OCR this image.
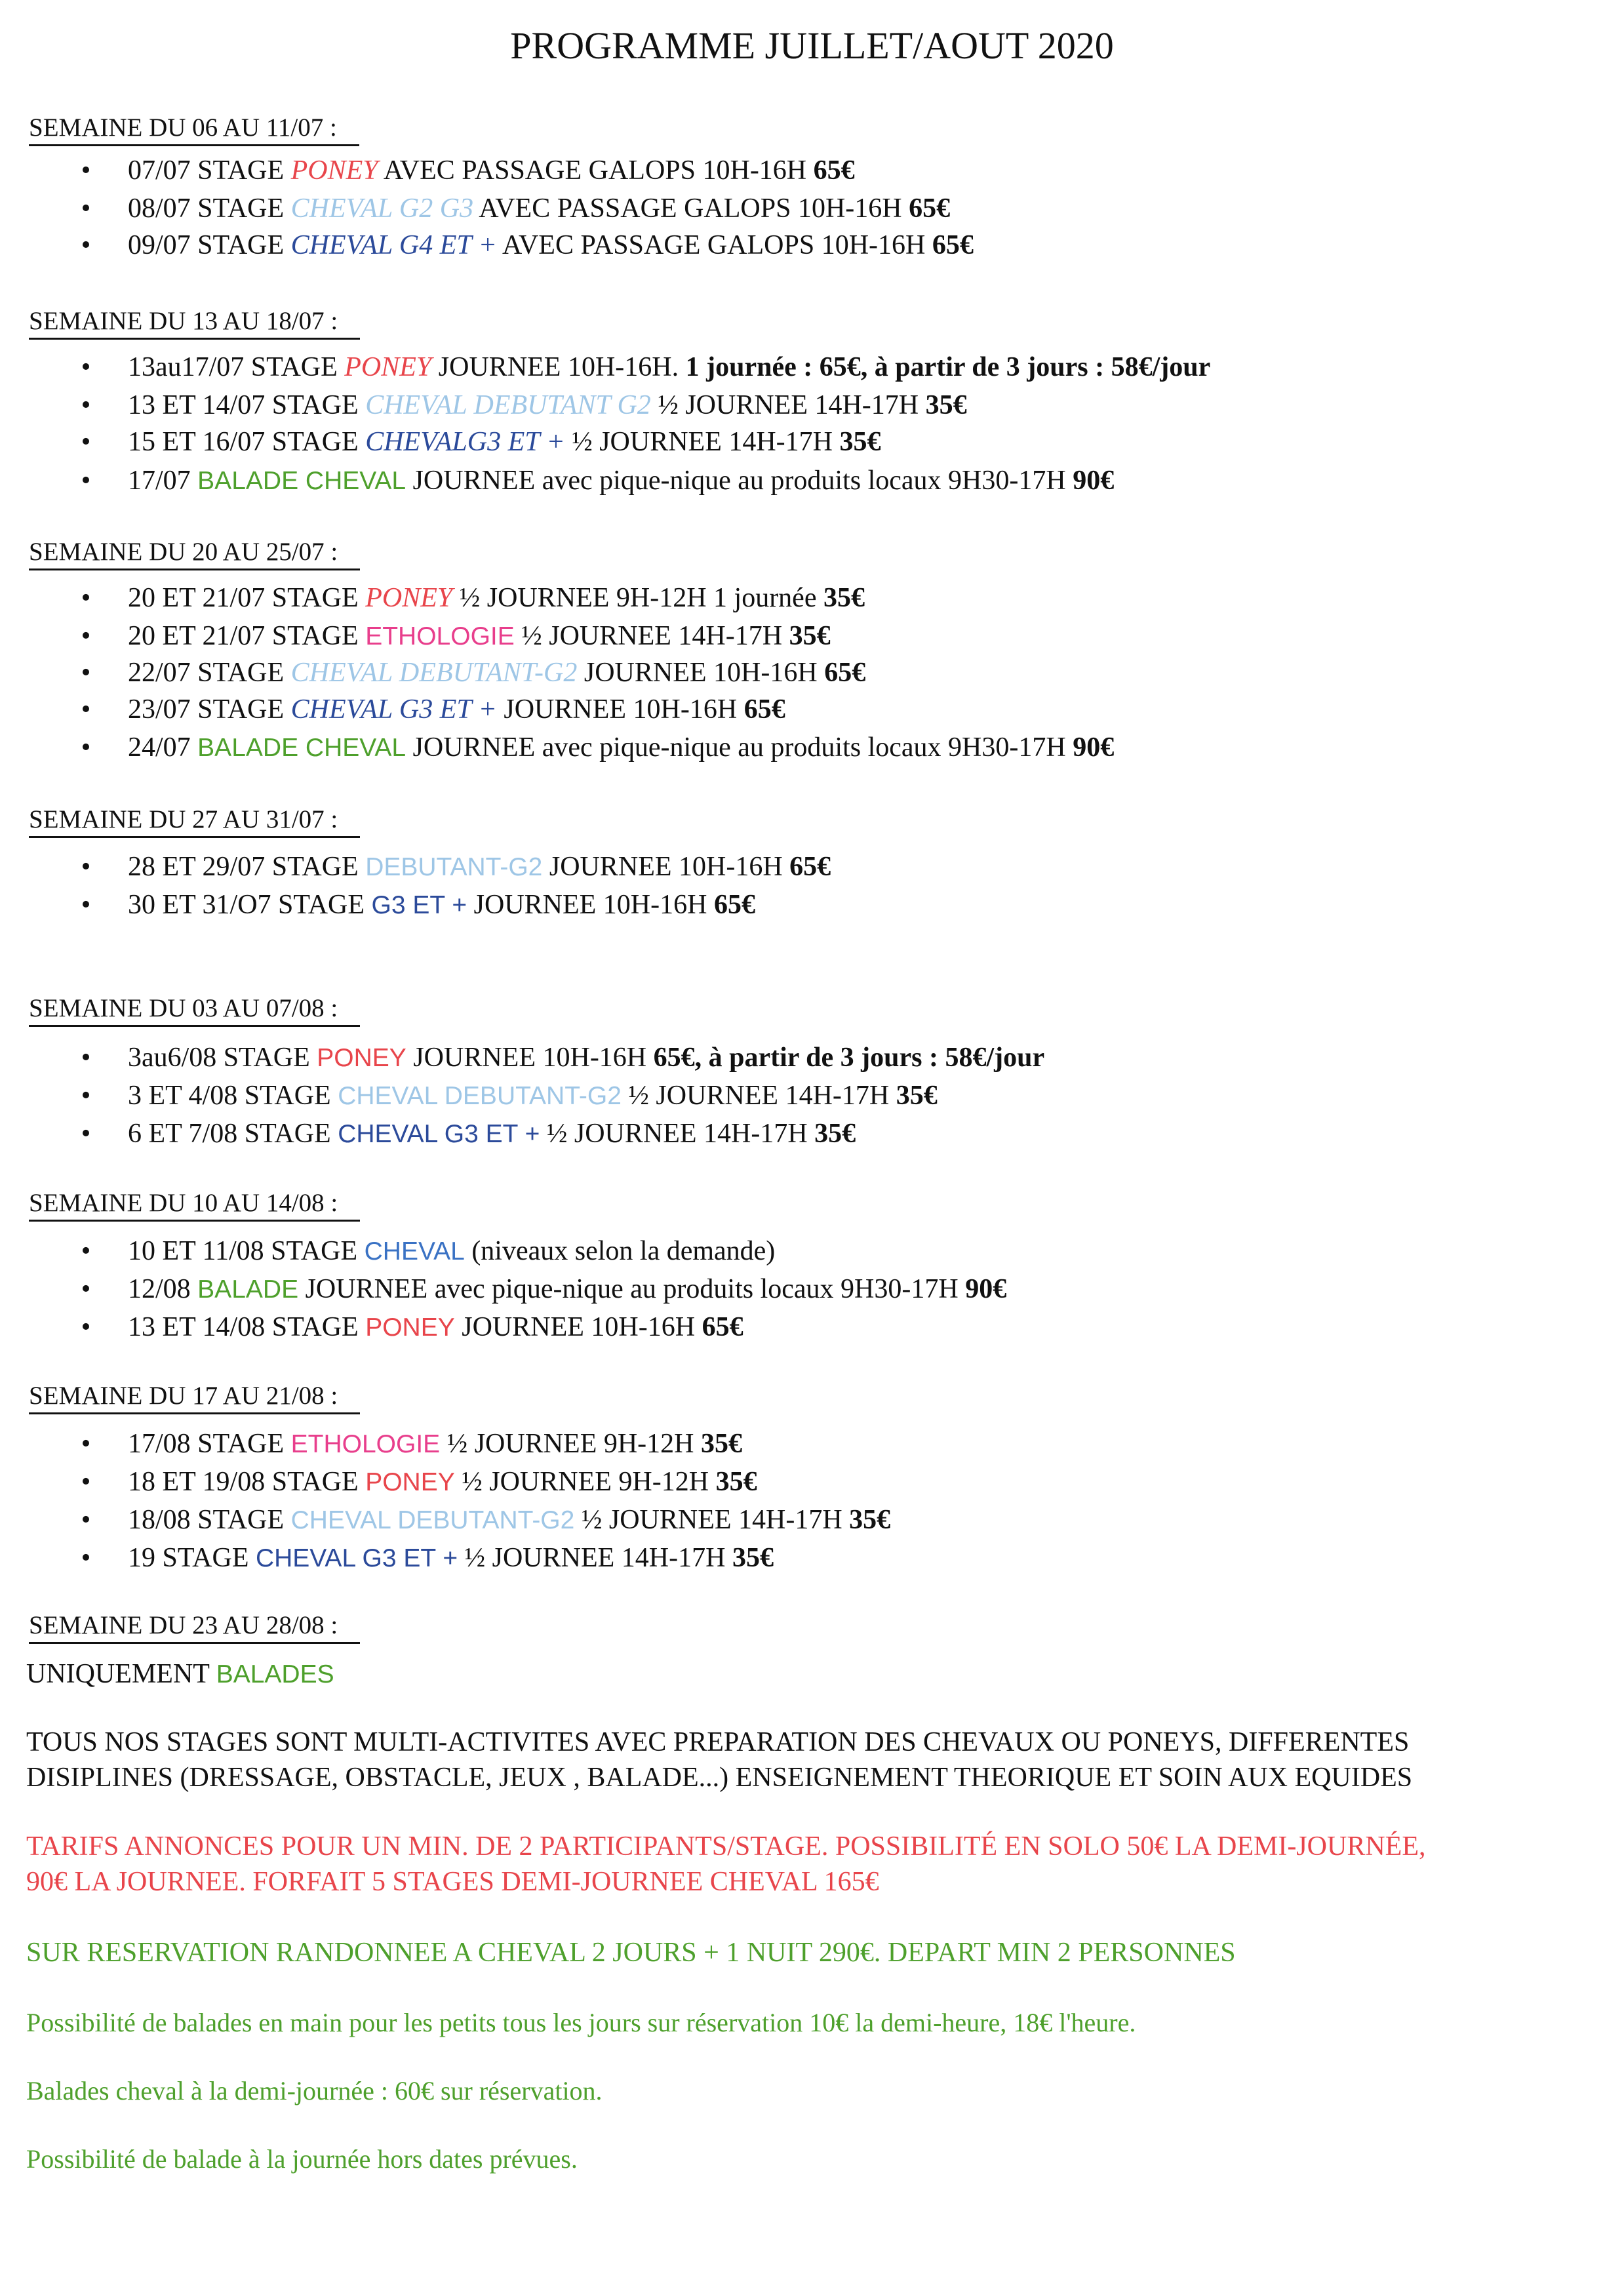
PROGRAMME JUILLET/AOUT 2020
SEMAINE DU 06 AU 11/07 :
• 07/07 STAGE PONEY AVEC PASSAGE GALOPS 10H-16H 65€
• 08/07 STAGE CHEVAL G2 G3 AVEC PASSAGE GALOPS 10H-16H 65€
• 09/07 STAGE CHEVAL G4 ET + AVEC PASSAGE GALOPS 10H-16H 65€
SEMAINE DU 13 AU 18/07 :
• 13au17/07 STAGE PONEY JOURNEE 10H-16H. 1 journée : 65€, à partir de 3 jours : 58€/jour
• 13 ET 14/07 STAGE CHEVAL DEBUTANT G2 ½ JOURNEE 14H-17H 35€
• 15 ET 16/07 STAGE CHEVALG3 ET + ½ JOURNEE 14H-17H 35€
• 17/07 BALADE CHEVAL JOURNEE avec pique-nique au produits locaux 9H30-17H 90€
SEMAINE DU 20 AU 25/07 :
• 20 ET 21/07 STAGE PONEY ½ JOURNEE 9H-12H 1 journée 35€
• 20 ET 21/07 STAGE ETHOLOGIE ½ JOURNEE 14H-17H 35€
• 22/07 STAGE CHEVAL DEBUTANT-G2 JOURNEE 10H-16H 65€
• 23/07 STAGE CHEVAL G3 ET + JOURNEE 10H-16H 65€
• 24/07 BALADE CHEVAL JOURNEE avec pique-nique au produits locaux 9H30-17H 90€
SEMAINE DU 27 AU 31/07 :
• 28 ET 29/07 STAGE DEBUTANT-G2 JOURNEE 10H-16H 65€
• 30 ET 31/O7 STAGE G3 ET + JOURNEE 10H-16H 65€
SEMAINE DU 03 AU 07/08 :
• 3au6/08 STAGE PONEY JOURNEE 10H-16H 65€, à partir de 3 jours : 58€/jour
• 3 ET 4/08 STAGE CHEVAL DEBUTANT-G2 ½ JOURNEE 14H-17H 35€
• 6 ET 7/08 STAGE CHEVAL G3 ET + ½ JOURNEE 14H-17H 35€
SEMAINE DU 10 AU 14/08 :
• 10 ET 11/08 STAGE CHEVAL (niveaux selon la demande)
• 12/08 BALADE JOURNEE avec pique-nique au produits locaux 9H30-17H 90€
• 13 ET 14/08 STAGE PONEY JOURNEE 10H-16H 65€
SEMAINE DU 17 AU 21/08 :
• 17/08 STAGE ETHOLOGIE ½ JOURNEE 9H-12H 35€
• 18 ET 19/08 STAGE PONEY ½ JOURNEE 9H-12H 35€
• 18/08 STAGE CHEVAL DEBUTANT-G2 ½ JOURNEE 14H-17H 35€
• 19 STAGE CHEVAL G3 ET + ½ JOURNEE 14H-17H 35€
SEMAINE DU 23 AU 28/08 :
UNIQUEMENT BALADES
TOUS NOS STAGES SONT MULTI-ACTIVITES AVEC PREPARATION DES CHEVAUX OU PONEYS, DIFFERENTES
DISIPLINES (DRESSAGE, OBSTACLE, JEUX , BALADE...) ENSEIGNEMENT THEORIQUE ET SOIN AUX EQUIDES
TARIFS ANNONCES POUR UN MIN. DE 2 PARTICIPANTS/STAGE. POSSIBILITÉ EN SOLO 50€ LA DEMI-JOURNÉE,
90€ LA JOURNEE. FORFAIT 5 STAGES DEMI-JOURNEE CHEVAL 165€
SUR RESERVATION RANDONNEE A CHEVAL 2 JOURS + 1 NUIT 290€. DEPART MIN 2 PERSONNES
Possibilité de balades en main pour les petits tous les jours sur réservation 10€ la demi-heure, 18€ l'heure.
Balades cheval à la demi-journée : 60€ sur réservation.
Possibilité de balade à la journée hors dates prévues.
